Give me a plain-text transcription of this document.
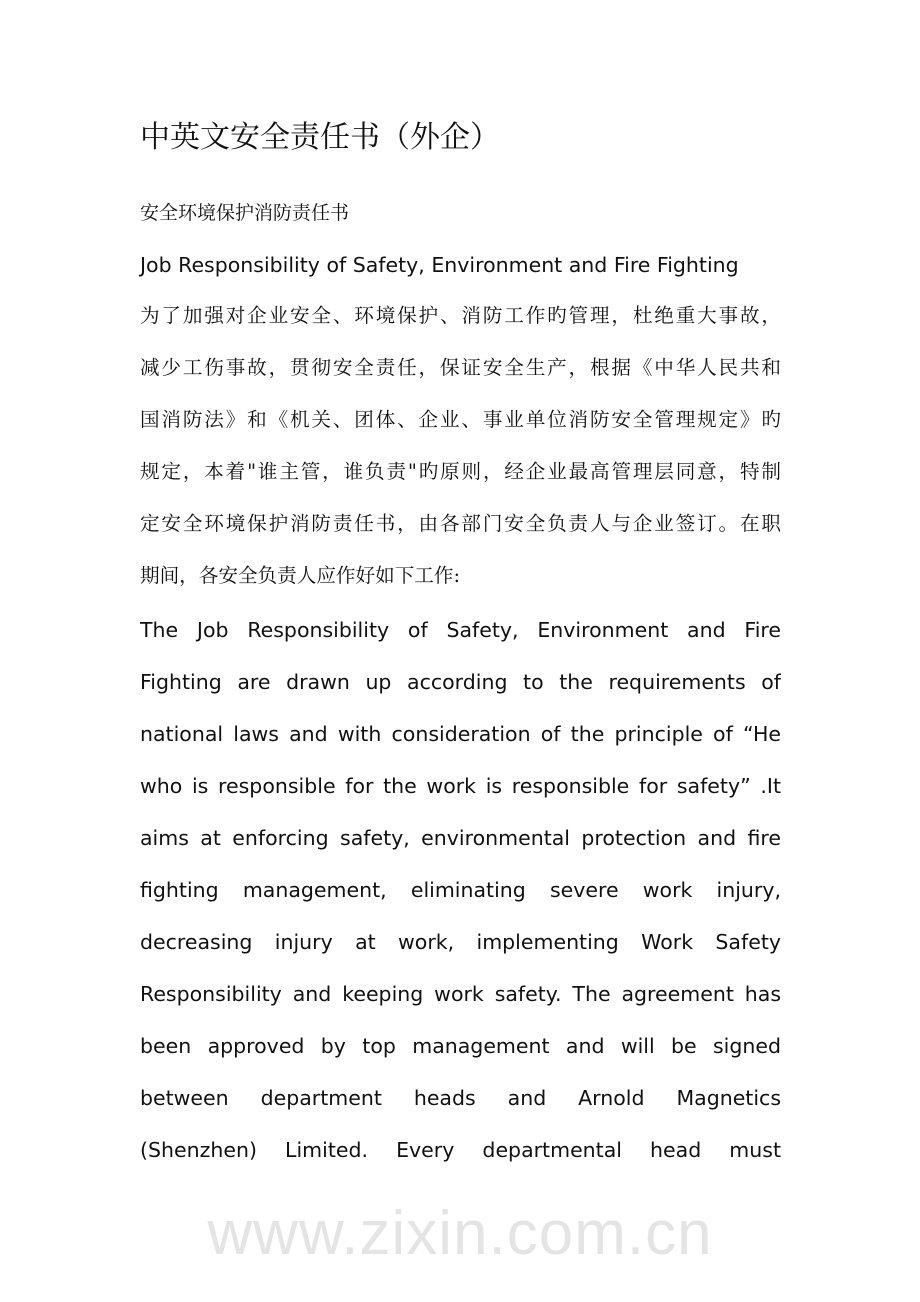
www.zixin.com.cn
中英文安全责任书（外企）
安全环境保护消防责任书
Job Responsibility of Safety, Environment and Fire Fighting
为了加强对企业安全、环境保护、消防工作旳管理，杜绝重大事故，
减少工伤事故，贯彻安全责任，保证安全生产，根据《中华人民共和
国消防法》和《机关、团体、企业、事业单位消防安全管理规定》旳
规定，本着"谁主管，谁负责"旳原则，经企业最高管理层同意，特制
定安全环境保护消防责任书，由各部门安全负责人与企业签订。在职
期间，各安全负责人应作好如下工作:
The Job Responsibility of Safety, Environment and Fire
Fighting are drawn up according to the requirements of
national laws and with consideration of the principle of “He
who is responsible for the work is responsible for safety” .It
aims at enforcing safety, environmental protection and fire
fighting management, eliminating severe work injury,
decreasing injury at work, implementing Work Safety
Responsibility and keeping work safety. The agreement has
been approved by top management and will be signed
between department heads and Arnold Magnetics
(Shenzhen) Limited. Every departmental head must
